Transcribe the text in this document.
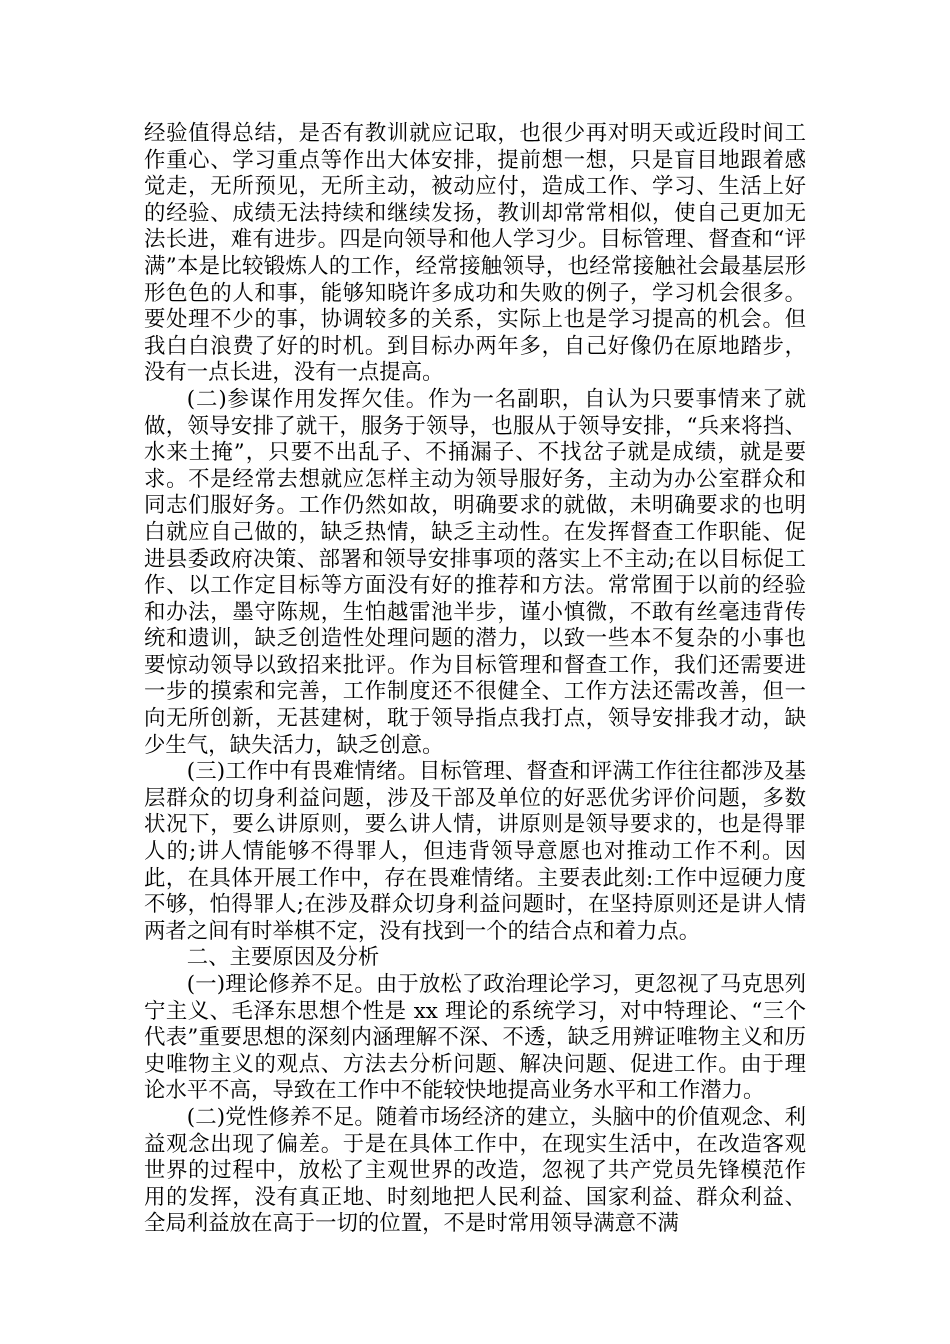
经验值得总结，是否有教训就应记取，也很少再对明天或近段时间工作重心、学习重点等作出大体安排，提前想一想，只是盲目地跟着感觉走，无所预见，无所主动，被动应付，造成工作、学习、生活上好的经验、成绩无法持续和继续发扬，教训却常常相似，使自己更加无法长进，难有进步。四是向领导和他人学习少。目标管理、督查和“评满”本是比较锻炼人的工作，经常接触领导，也经常接触社会最基层形形色色的人和事，能够知晓许多成功和失败的例子，学习机会很多。要处理不少的事，协调较多的关系，实际上也是学习提高的机会。但我白白浪费了好的时机。到目标办两年多，自己好像仍在原地踏步，没有一点长进，没有一点提高。

(二)参谋作用发挥欠佳。作为一名副职，自认为只要事情来了就做，领导安排了就干，服务于领导，也服从于领导安排，“兵来将挡、水来土掩”，只要不出乱子、不捅漏子、不找岔子就是成绩，就是要求。不是经常去想就应怎样主动为领导服好务，主动为办公室群众和同志们服好务。工作仍然如故，明确要求的就做，未明确要求的也明白就应自己做的，缺乏热情，缺乏主动性。在发挥督查工作职能、促进县委政府决策、部署和领导安排事项的落实上不主动;在以目标促工作、以工作定目标等方面没有好的推荐和方法。常常囿于以前的经验和办法，墨守陈规，生怕越雷池半步，谨小慎微，不敢有丝毫违背传统和遗训，缺乏创造性处理问题的潜力，以致一些本不复杂的小事也要惊动领导以致招来批评。作为目标管理和督查工作，我们还需要进一步的摸索和完善，工作制度还不很健全、工作方法还需改善，但一向无所创新，无甚建树，耽于领导指点我打点，领导安排我才动，缺少生气，缺失活力，缺乏创意。

(三)工作中有畏难情绪。目标管理、督查和评满工作往往都涉及基层群众的切身利益问题，涉及干部及单位的好恶优劣评价问题，多数状况下，要么讲原则，要么讲人情，讲原则是领导要求的，也是得罪人的;讲人情能够不得罪人，但违背领导意愿也对推动工作不利。因此，在具体开展工作中，存在畏难情绪。主要表此刻:工作中逗硬力度不够，怕得罪人;在涉及群众切身利益问题时，在坚持原则还是讲人情两者之间有时举棋不定，没有找到一个的结合点和着力点。

二、主要原因及分析

(一)理论修养不足。由于放松了政治理论学习，更忽视了马克思列宁主义、毛泽东思想个性是 xx 理论的系统学习，对中特理论、“三个代表”重要思想的深刻内涵理解不深、不透，缺乏用辨证唯物主义和历史唯物主义的观点、方法去分析问题、解决问题、促进工作。由于理论水平不高，导致在工作中不能较快地提高业务水平和工作潜力。

(二)党性修养不足。随着市场经济的建立，头脑中的价值观念、利益观念出现了偏差。于是在具体工作中，在现实生活中，在改造客观世界的过程中，放松了主观世界的改造，忽视了共产党员先锋模范作用的发挥，没有真正地、时刻地把人民利益、国家利益、群众利益、全局利益放在高于一切的位置，不是时常用领导满意不满
